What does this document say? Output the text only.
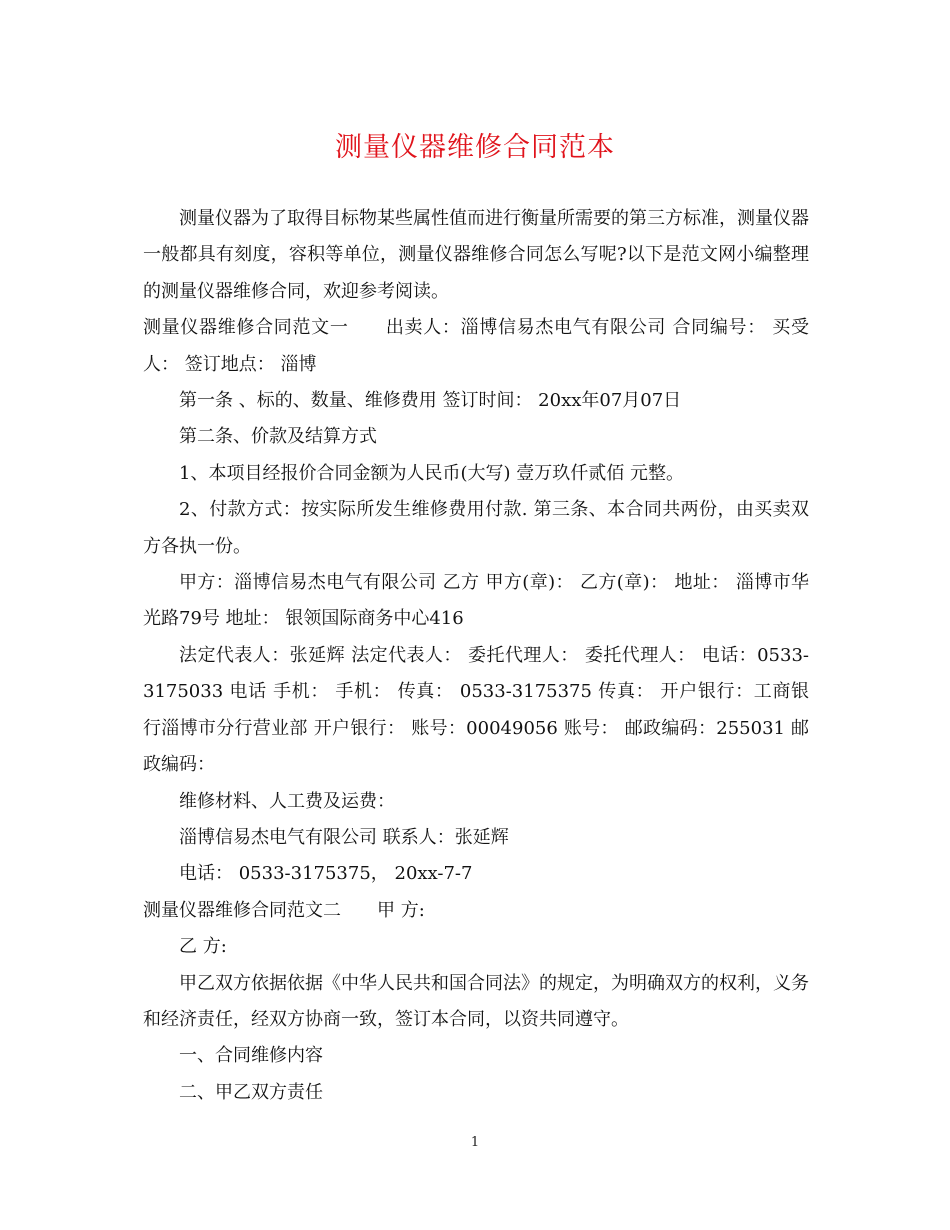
测量仪器维修合同范本

测量仪器为了取得目标物某些属性值而进行衡量所需要的第三方标准，测量仪器一般都具有刻度，容积等单位，测量仪器维修合同怎么写呢?以下是范文网小编整理的测量仪器维修合同，欢迎参考阅读。

测量仪器维修合同范文一　　出卖人：淄博信易杰电气有限公司 合同编号： 买受人： 签订地点： 淄博

第一条 、标的、数量、维修费用 签订时间： 20xx年07月07日

第二条、价款及结算方式

1、本项目经报价合同金额为人民币(大写) 壹万玖仟贰佰 元整。

2、付款方式：按实际所发生维修费用付款. 第三条、本合同共两份，由买卖双方各执一份。

甲方：淄博信易杰电气有限公司 乙方 甲方(章)： 乙方(章)： 地址： 淄博市华光路79号 地址： 银领国际商务中心416

法定代表人：张延辉 法定代表人： 委托代理人： 委托代理人： 电话：0533-3175033 电话 手机： 手机： 传真： 0533-3175375 传真： 开户银行：工商银行淄博市分行营业部 开户银行： 账号：00049056 账号： 邮政编码：255031 邮政编码：

维修材料、人工费及运费：

淄博信易杰电气有限公司 联系人：张延辉

电话： 0533-3175375， 20xx-7-7

测量仪器维修合同范文二　　甲 方:

乙 方:

甲乙双方依据依据《中华人民共和国合同法》的规定，为明确双方的权利，义务和经济责任，经双方协商一致，签订本合同，以资共同遵守。

一、合同维修内容

二、甲乙双方责任

1
